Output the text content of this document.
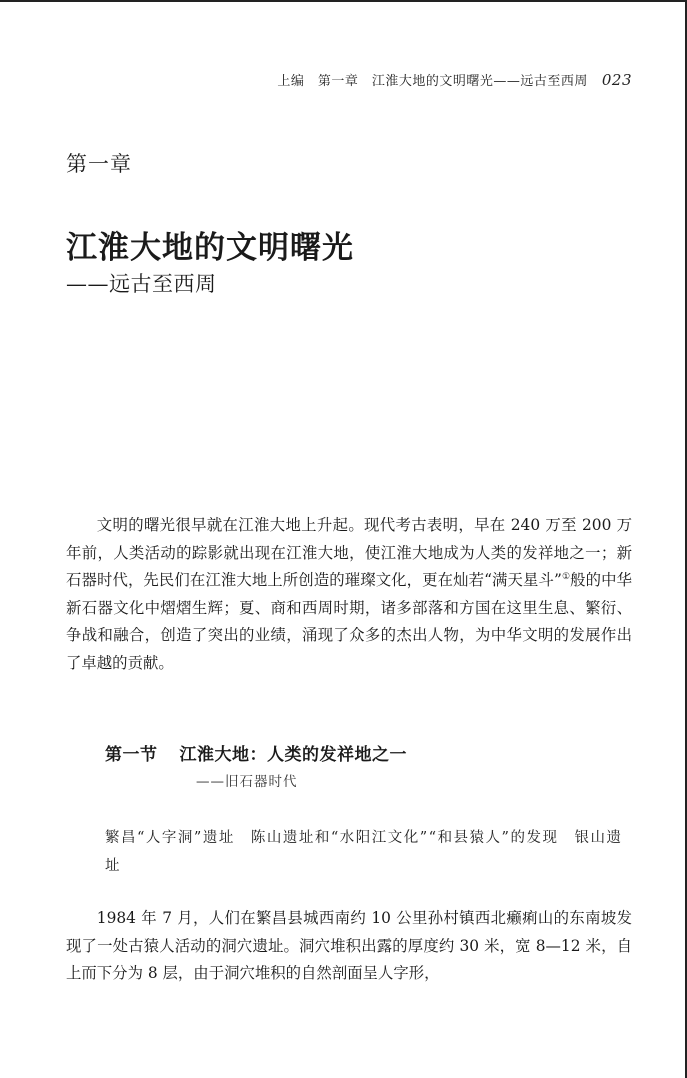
上编　第一章　江淮大地的文明曙光——远古至西周 023
第一章
江淮大地的文明曙光
——远古至西周
文明的曙光很早就在江淮大地上升起。现代考古表明，早在 240 万至 200 万年前，人类活动的踪影就出现在江淮大地，使江淮大地成为人类的发祥地之一；新石器时代，先民们在江淮大地上所创造的璀璨文化，更在灿若“满天星斗”①般的中华新石器文化中熠熠生辉；夏、商和西周时期，诸多部落和方国在这里生息、繁衍、争战和融合，创造了突出的业绩，涌现了众多的杰出人物，为中华文明的发展作出了卓越的贡献。
第一节 江淮大地：人类的发祥地之一
——旧石器时代
繁昌“人字洞”遗址　陈山遗址和“水阳江文化”“和县猿人”的发现　银山遗址
1984 年 7 月，人们在繁昌县城西南约 10 公里孙村镇西北癞痢山的东南坡发现了一处古猿人活动的洞穴遗址。洞穴堆积出露的厚度约 30 米，宽 8—12 米，自上而下分为 8 层，由于洞穴堆积的自然剖面呈人字形，
